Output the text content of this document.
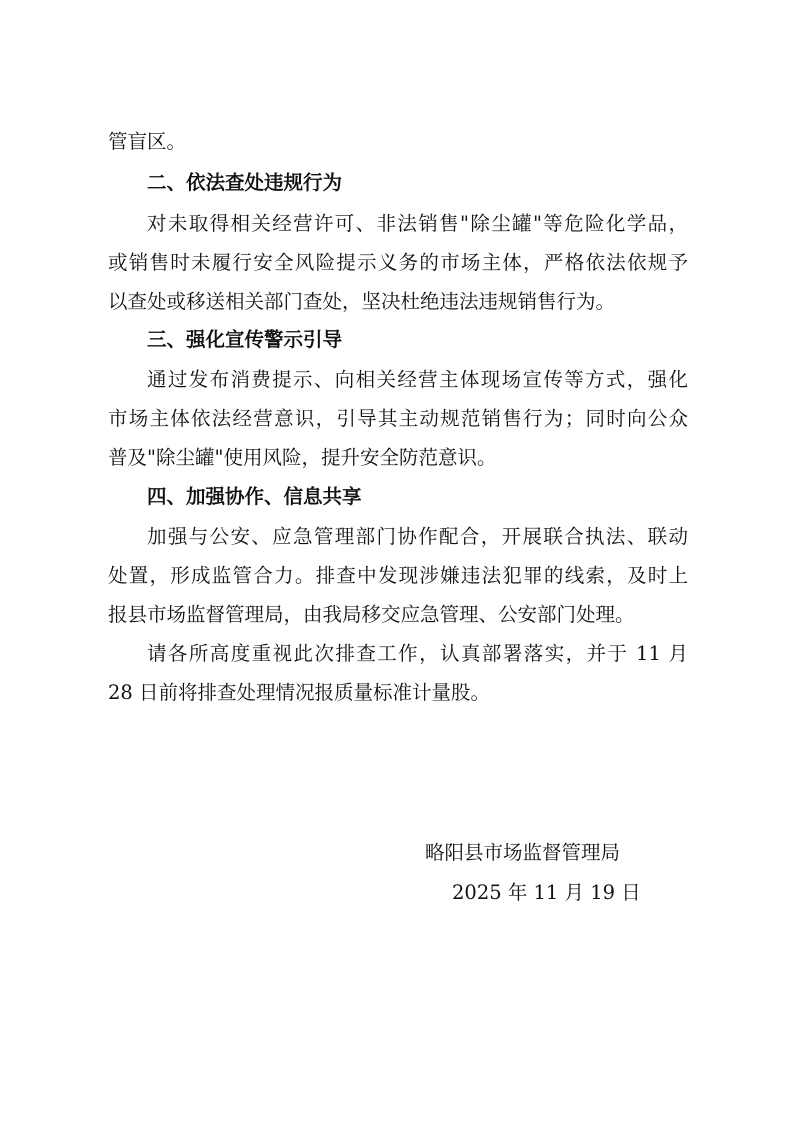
管盲区。

二、依法查处违规行为

对未取得相关经营许可、非法销售"除尘罐"等危险化学品，

或销售时未履行安全风险提示义务的市场主体，严格依法依规予

以查处或移送相关部门查处，坚决杜绝违法违规销售行为。

三、强化宣传警示引导

通过发布消费提示、向相关经营主体现场宣传等方式，强化

市场主体依法经营意识，引导其主动规范销售行为；同时向公众

普及"除尘罐"使用风险，提升安全防范意识。

四、加强协作、信息共享

加强与公安、应急管理部门协作配合，开展联合执法、联动

处置，形成监管合力。排查中发现涉嫌违法犯罪的线索，及时上

报县市场监督管理局，由我局移交应急管理、公安部门处理。

请各所高度重视此次排查工作，认真部署落实，并于 11 月

28 日前将排查处理情况报质量标准计量股。

略阳县市场监督管理局

2025 年 11 月 19 日
